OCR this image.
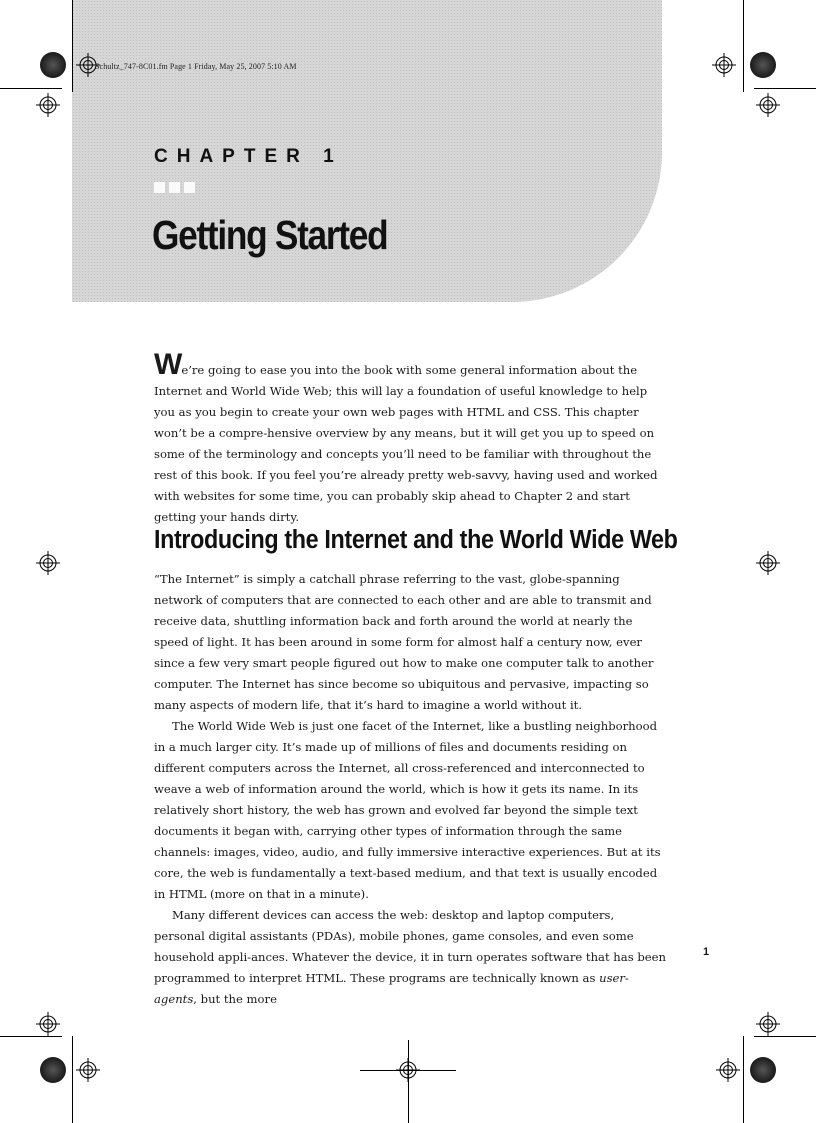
Schultz_747-8C01.fm Page 1 Friday, May 25, 2007 5:10 AM
CHAPTER 1
Getting Started

We’re going to ease you into the book with some general information about the Internet and World Wide Web; this will lay a foundation of useful knowledge to help you as you begin to create your own web pages with HTML and CSS. This chapter won’t be a compre-hensive overview by any means, but it will get you up to speed on some of the terminology and concepts you’ll need to be familiar with throughout the rest of this book. If you feel you’re already pretty web-savvy, having used and worked with websites for some time, you can probably skip ahead to Chapter 2 and start getting your hands dirty.

Introducing the Internet and the World Wide Web

“The Internet” is simply a catchall phrase referring to the vast, globe-spanning network of computers that are connected to each other and are able to transmit and receive data, shuttling information back and forth around the world at nearly the speed of light. It has been around in some form for almost half a century now, ever since a few very smart people figured out how to make one computer talk to another computer. The Internet has since become so ubiquitous and pervasive, impacting so many aspects of modern life, that it’s hard to imagine a world without it.

The World Wide Web is just one facet of the Internet, like a bustling neighborhood in a much larger city. It’s made up of millions of files and documents residing on different computers across the Internet, all cross-referenced and interconnected to weave a web of information around the world, which is how it gets its name. In its relatively short history, the web has grown and evolved far beyond the simple text documents it began with, carrying other types of information through the same channels: images, video, audio, and fully immersive interactive experiences. But at its core, the web is fundamentally a text-based medium, and that text is usually encoded in HTML (more on that in a minute).

Many different devices can access the web: desktop and laptop computers, personal digital assistants (PDAs), mobile phones, game consoles, and even some household appli-ances. Whatever the device, it in turn operates software that has been programmed to interpret HTML. These programs are technically known as user-agents, but the more

1
